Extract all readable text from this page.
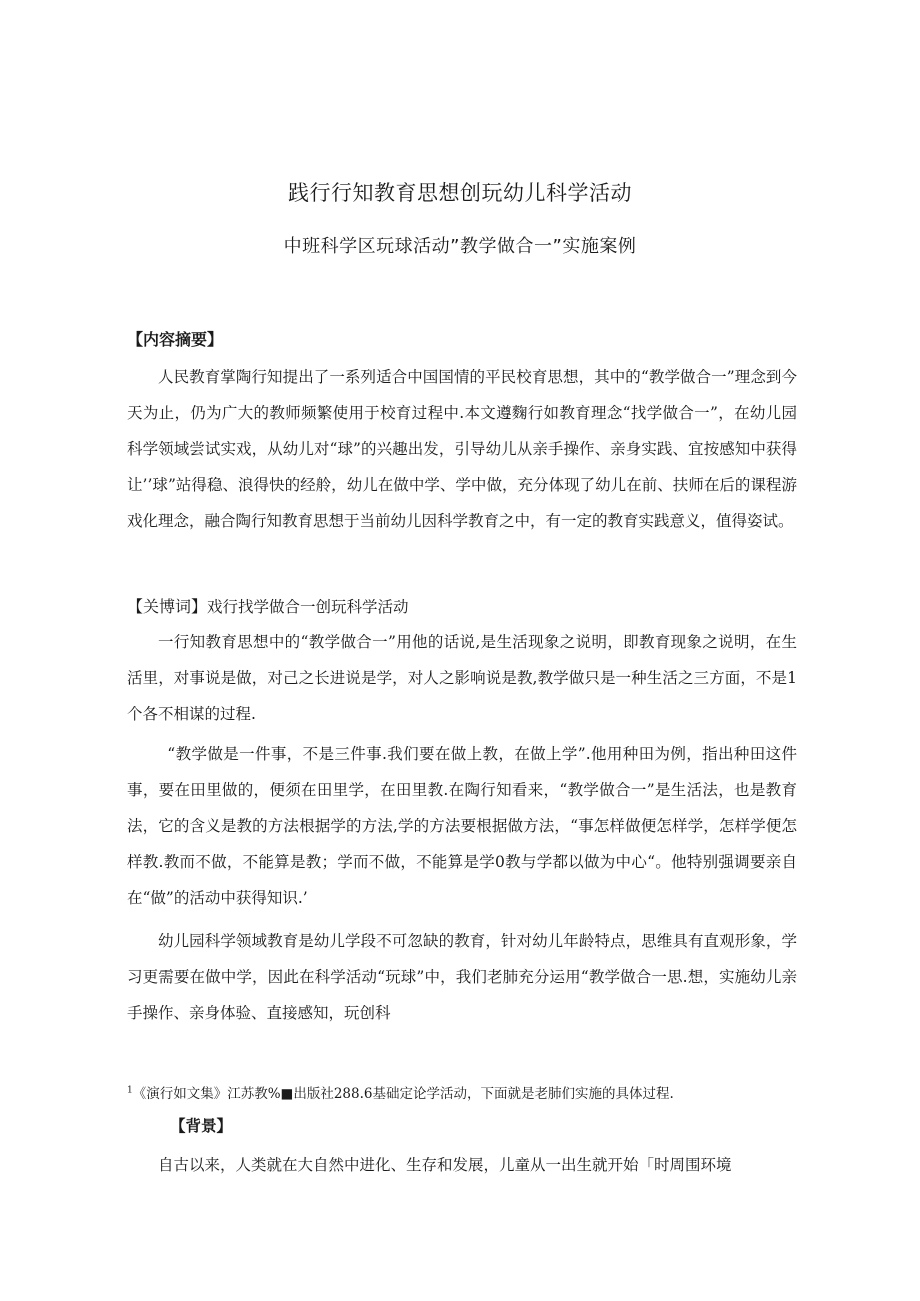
践行行知教育思想创玩幼儿科学活动
中班科学区玩球活动”教学做合一”实施案例
【内容摘要】
人民教育掌陶行知提出了一系列适合中国国情的平民校育思想，其中的“教学做合一”理念到今天为止，仍为广大的教师频繁使用于校育过程中.本文遵麴行如教育理念“找学做合一”，在幼儿园科学领域尝试实戏，从幼儿对“球”的兴趣出发，引导幼儿从亲手操作、亲身实践、宜按感知中获得让’’球”站得稳、浪得快的经舲，幼儿在做中学、学中做，充分体现了幼儿在前、扶师在后的课程游戏化理念，融合陶行知教育思想于当前幼儿因科学教育之中，有一定的教育实践意义，值得姿试。
【关博词】戏行找学做合一创玩科学活动
一行知教育思想中的“教学做合一”用他的话说,是生活现象之说明，即教育现象之说明，在生活里，对事说是做，对己之长进说是学，对人之影响说是教,教学做只是一种生活之三方面，不是1个各不相谋的过程.
“教学做是一件事，不是三件事.我们要在做上教，在做上学”.他用种田为例，指出种田这件事，要在田里做的，便须在田里学，在田里教.在陶行知看来，“教学做合一”是生活法，也是教育法，它的含义是教的方法根据学的方法,学的方法要根据做方法，“事怎样做便怎样学，怎样学便怎样教.教而不做，不能算是教；学而不做，不能算是学0教与学都以做为中心“。他特别强调要亲自在“做”的活动中获得知识.’
幼儿园科学领域教育是幼儿学段不可忽缺的教育，针对幼儿年龄特点，思维具有直观形象，学习更需要在做中学，因此在科学活动“玩球”中，我们老肺充分运用“教学做合一思.想，实施幼儿亲手操作、亲身体验、直接感知，玩创科
$^1$《演行如文集》江苏教%■出版社288.6基础定论学活动，下面就是老肺们实施的具体过程.
【背景】
自古以来，人类就在大自然中进化、生存和发展，儿童从一出生就开始「时周围环境
